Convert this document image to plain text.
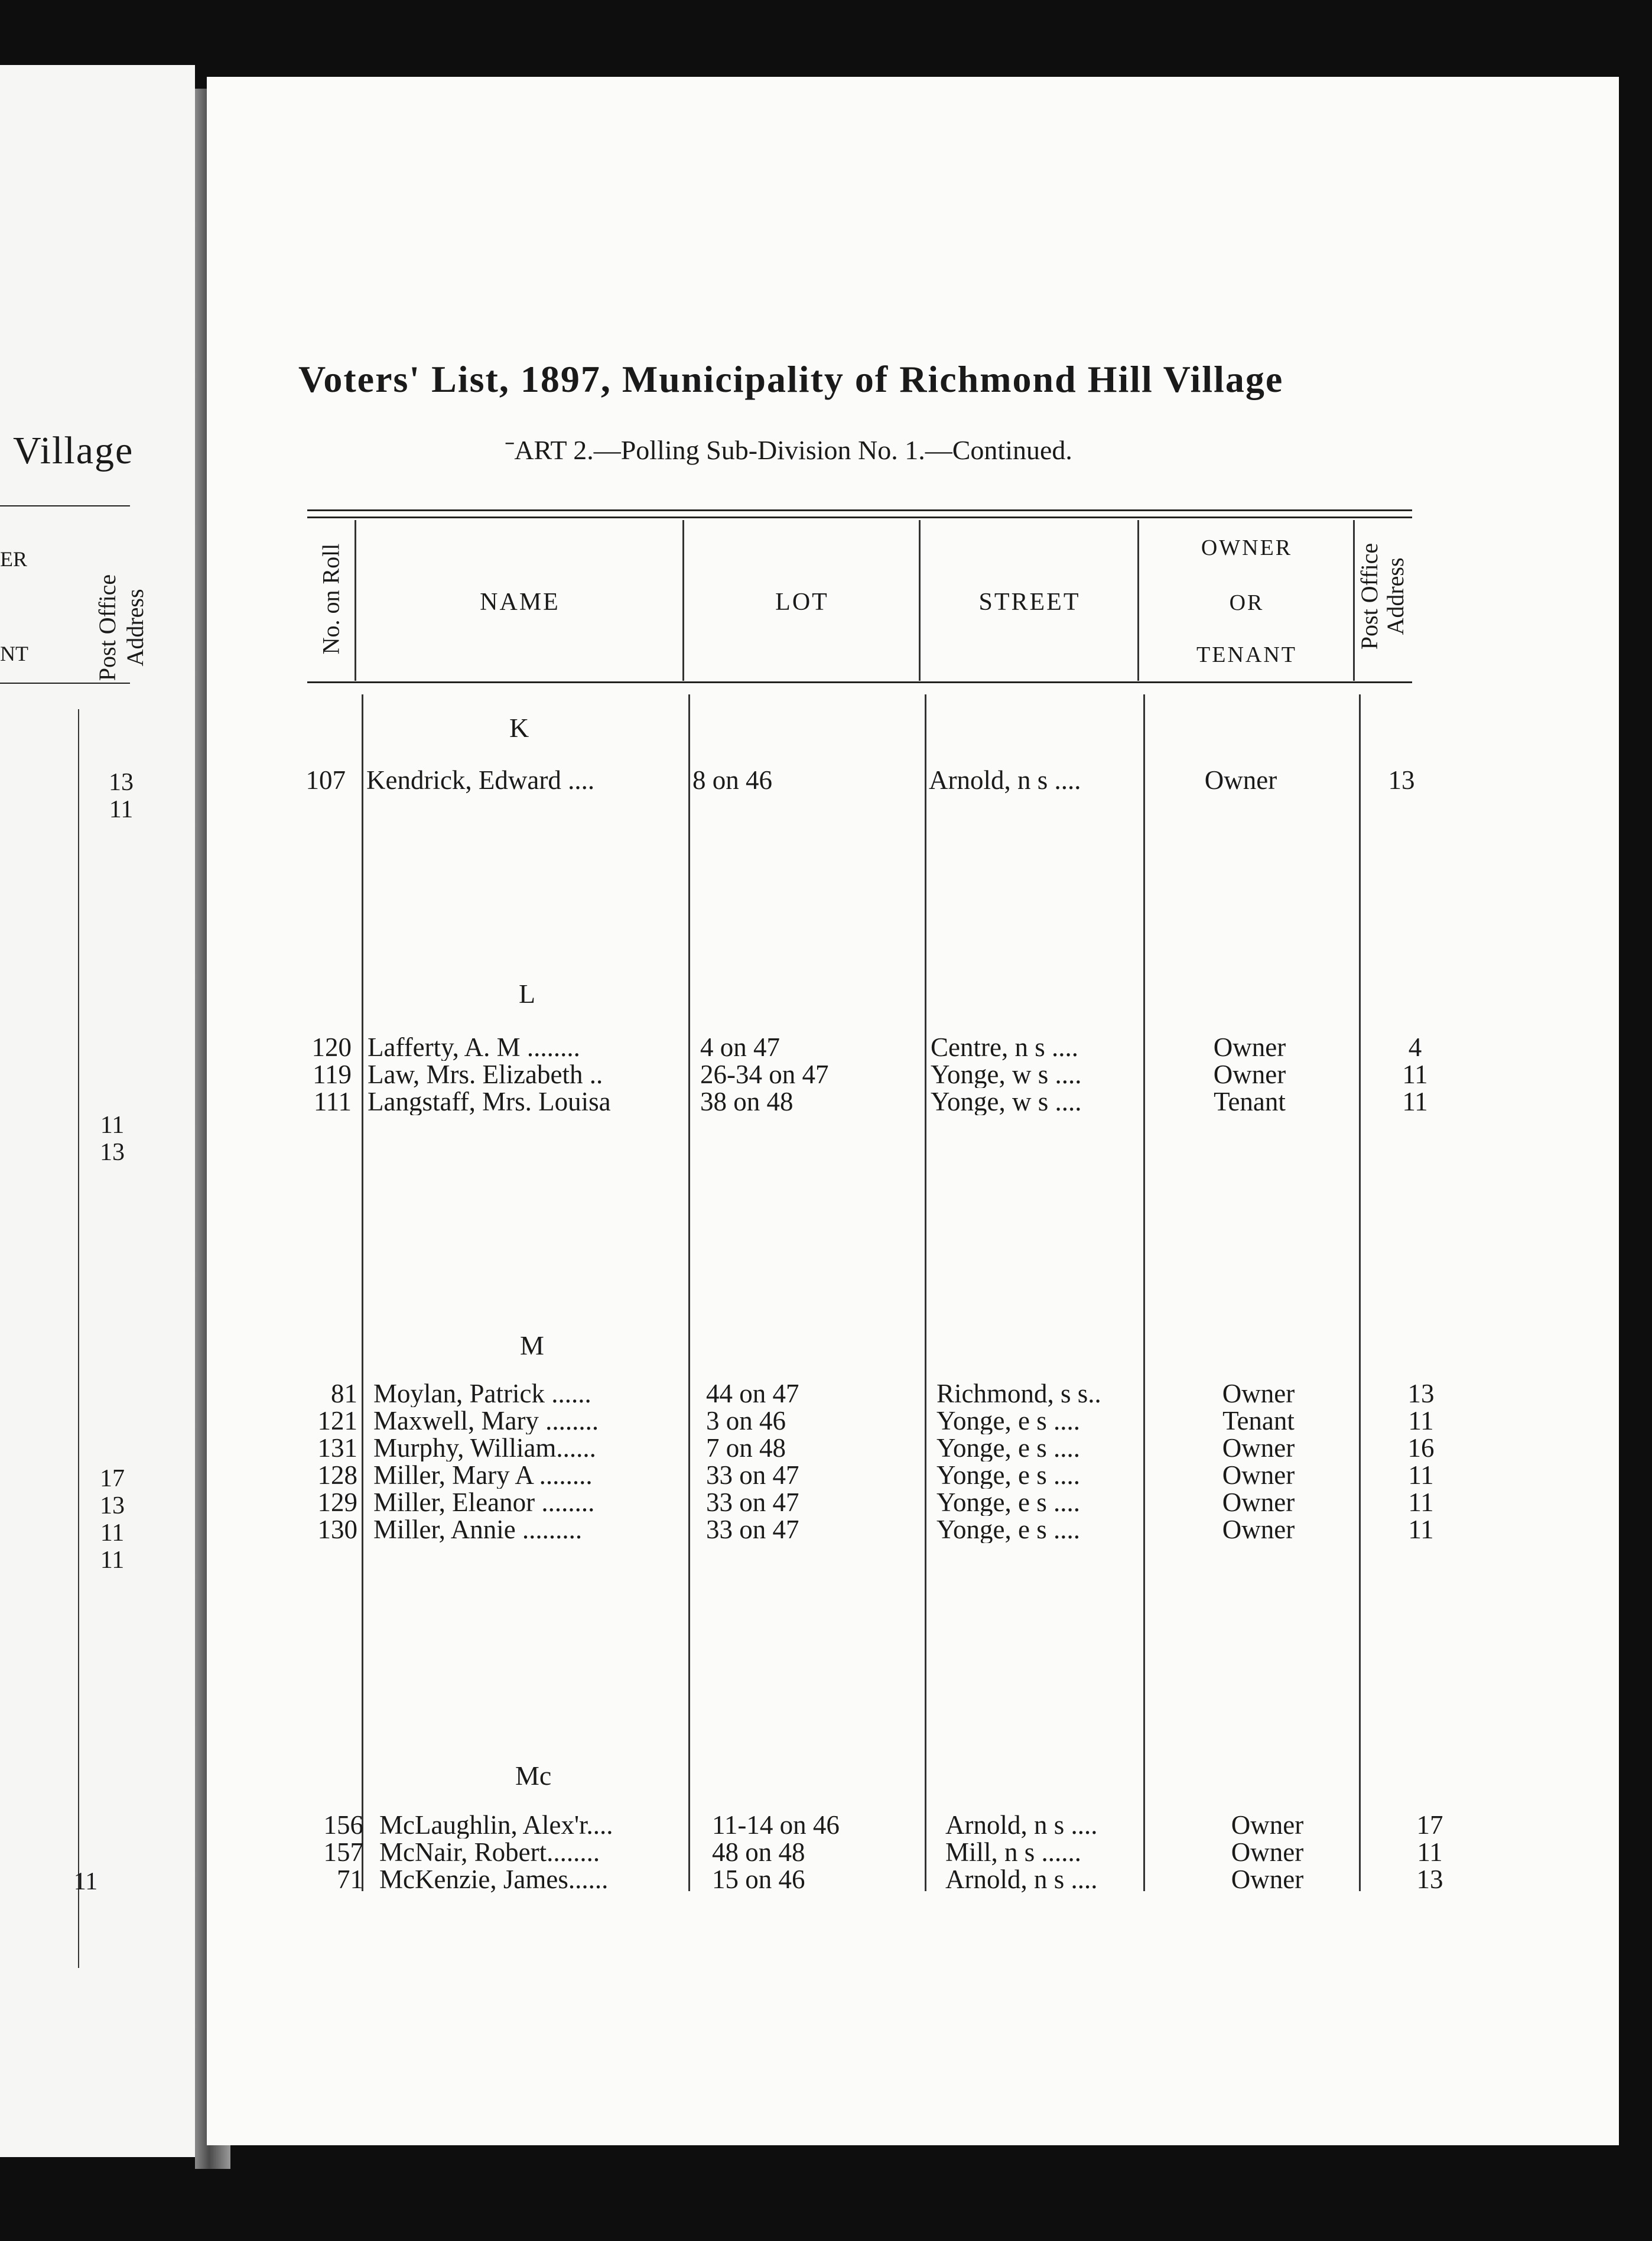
Village
ER
NT	Post Office
Address
13
11
11
13
17
13
11
11
11
Voters' List, 1897, Municipality of Richmond Hill Village
ˉART 2.—Polling Sub-Division No. 1.—Continued.
No. on Roll	NAME	LOT	STREET
OWNER
OR
TENANT
Post Office
Address
K
L
M
Mc
107 Kendrick, Edward ....	8 on 46	Arnold, n s ....	Owner	13
120 Lafferty, A. M ........	4 on 47	Centre, n s ....	Owner	4
119 Law, Mrs. Elizabeth ..	26-34 on 47	Yonge, w s ....	Owner	11
111 Langstaff, Mrs. Louisa	38 on 48	Yonge, w s ....	Tenant	11
81 Moylan, Patrick ......	44 on 47	Richmond, s s..	Owner	13
121 Maxwell, Mary ........	3 on 46	Yonge, e s ....	Tenant	11
131 Murphy, William......	7 on 48	Yonge, e s ....	Owner	16
128 Miller, Mary A ........	33 on 47	Yonge, e s ....	Owner	11
129 Miller, Eleanor ........	33 on 47	Yonge, e s ....	Owner	11
130 Miller, Annie .........	33 on 47	Yonge, e s ....	Owner	11
156 McLaughlin, Alex'r....	11-14 on 46	Arnold, n s ....	Owner	17
157 McNair, Robert........	48 on 48	Mill, n s ......	Owner	11
71 McKenzie, James......	15 on 46	Arnold, n s ....	Owner	13
